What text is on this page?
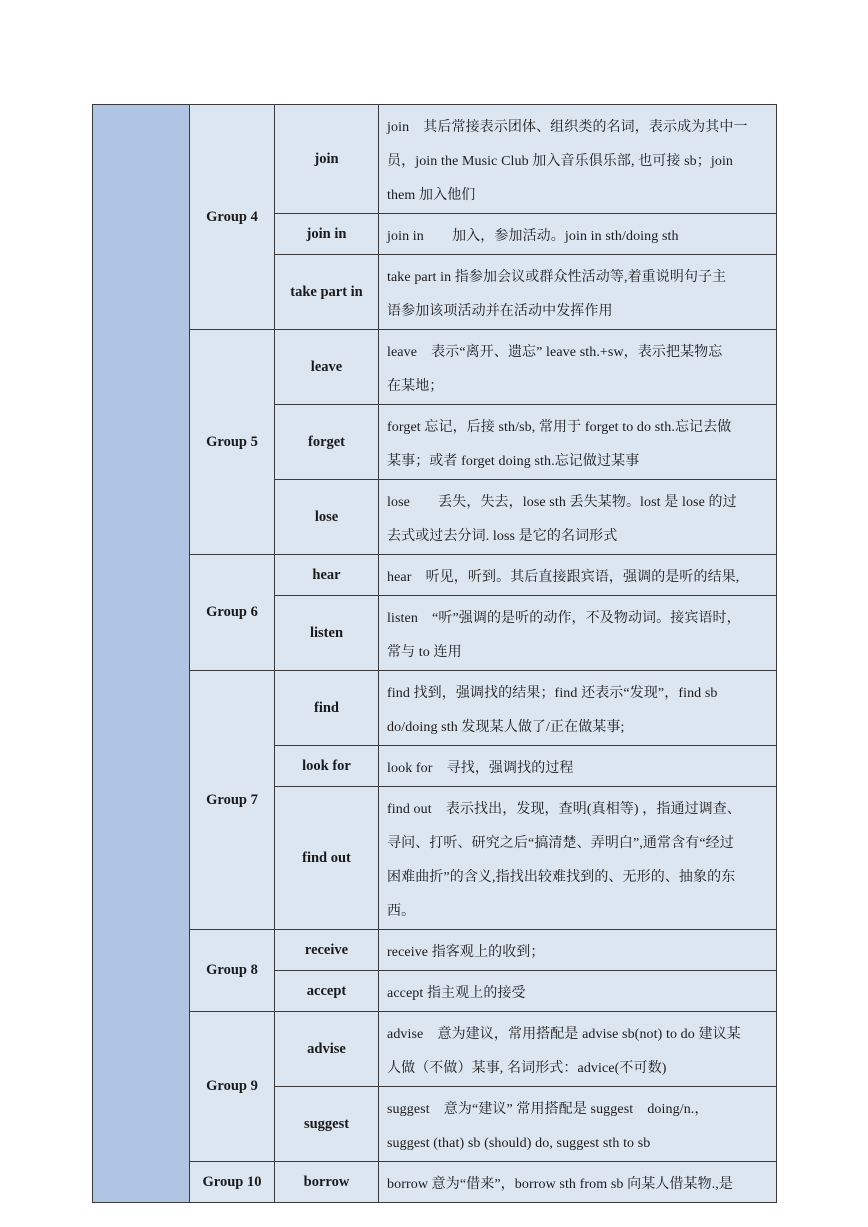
	Group 4	join	join　其后常接表示团体、组织类的名词，表示成为其中一
员，join the Music Club 加入音乐俱乐部, 也可接 sb；join
them 加入他们

		join in	join in　　加入，参加活动。join in sth/doing sth

		take part in	take part in 指参加会议或群众性活动等,着重说明句子主
语参加该项活动并在活动中发挥作用

	Group 5	leave	leave　表示“离开、遗忘” leave sth.+sw，表示把某物忘
在某地；

		forget	forget 忘记，后接 sth/sb, 常用于 forget to do sth.忘记去做
某事；或者 forget doing sth.忘记做过某事

		lose	lose　　丢失，失去，lose sth 丢失某物。lost 是 lose 的过
去式或过去分词. loss 是它的名词形式

	Group 6	hear	hear　听见，听到。其后直接跟宾语，强调的是听的结果,

		listen	listen　“听”强调的是听的动作，不及物动词。接宾语时，
常与 to 连用

	Group 7	find	find 找到，强调找的结果；find 还表示“发现”，find sb
do/doing sth 发现某人做了/正在做某事;

		look for	look for　寻找，强调找的过程

		find out	find out　表示找出，发现，查明(真相等) ，指通过调查、
寻问、打听、研究之后“搞清楚、弄明白”,通常含有“经过
困难曲折”的含义,指找出较难找到的、无形的、抽象的东
西。

	Group 8	receive	receive 指客观上的收到；

		accept	accept 指主观上的接受

	Group 9	advise	advise　意为建议，常用搭配是 advise sb(not) to do 建议某
人做（不做）某事, 名词形式：advice(不可数)

		suggest	suggest　意为“建议” 常用搭配是 suggest　doing/n.，
suggest (that) sb (should) do, suggest sth to sb

	Group 10	borrow	borrow 意为“借来”，borrow sth from sb 向某人借某物.,是
